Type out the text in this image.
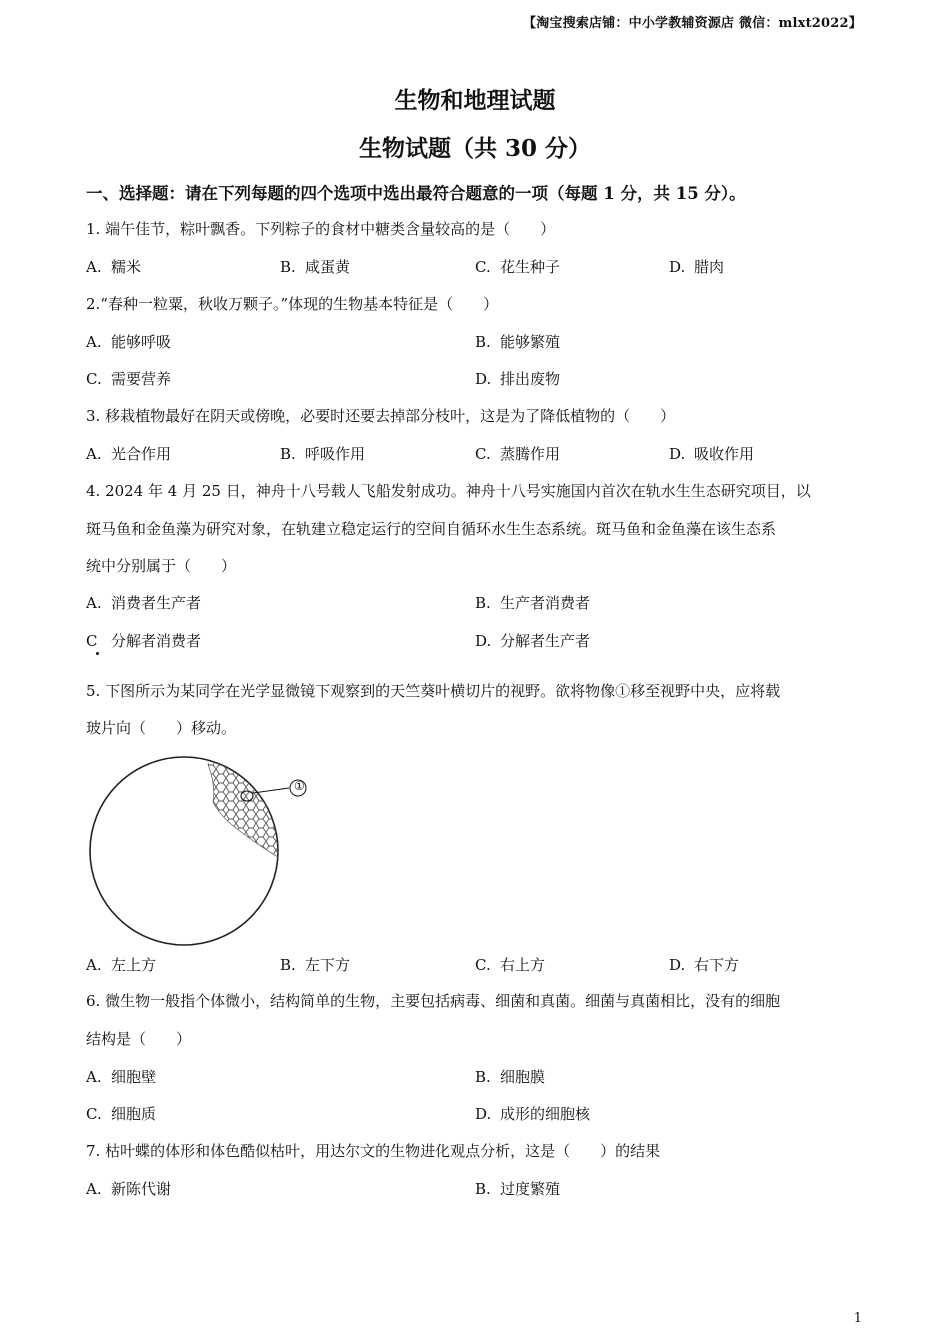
【淘宝搜索店铺：中小学教辅资源店 微信：mlxt2022】
生物和地理试题
生物试题（共 30 分）
一、选择题：请在下列每题的四个选项中选出最符合题意的一项（每题 1 分，共 15 分）。
1. 端午佳节，粽叶飘香。下列粽子的食材中糖类含量较高的是（　　）
A. 糯米	B. 咸蛋黄	C. 花生种子	D. 腊肉
2.“春种一粒粟，秋收万颗子。”体现的生物基本特征是（　　）
A. 能够呼吸	B. 能够繁殖
C. 需要营养	D. 排出废物
3. 移栽植物最好在阴天或傍晚，必要时还要去掉部分枝叶，这是为了降低植物的（　　）
A. 光合作用	B. 呼吸作用	C. 蒸腾作用	D. 吸收作用
4. 2024 年 4 月 25 日，神舟十八号载人飞船发射成功。神舟十八号实施国内首次在轨水生生态研究项目，以
斑马鱼和金鱼藻为研究对象，在轨建立稳定运行的空间自循环水生生态系统。斑马鱼和金鱼藻在该生态系
统中分别属于（　　）
A. 消费者生产者	B. 生产者消费者
C 分解者消费者	D. 分解者生产者
5. 下图所示为某同学在光学显微镜下观察到的天竺葵叶横切片的视野。欲将物像①移至视野中央，应将载
玻片向（　　）移动。
①
A. 左上方	B. 左下方	C. 右上方	D. 右下方
6. 微生物一般指个体微小，结构简单的生物，主要包括病毒、细菌和真菌。细菌与真菌相比，没有的细胞
结构是（　　）
A. 细胞壁	B. 细胞膜
C. 细胞质	D. 成形的细胞核
7. 枯叶蝶的体形和体色酷似枯叶，用达尔文的生物进化观点分析，这是（　　）的结果
A. 新陈代谢	B. 过度繁殖
1
